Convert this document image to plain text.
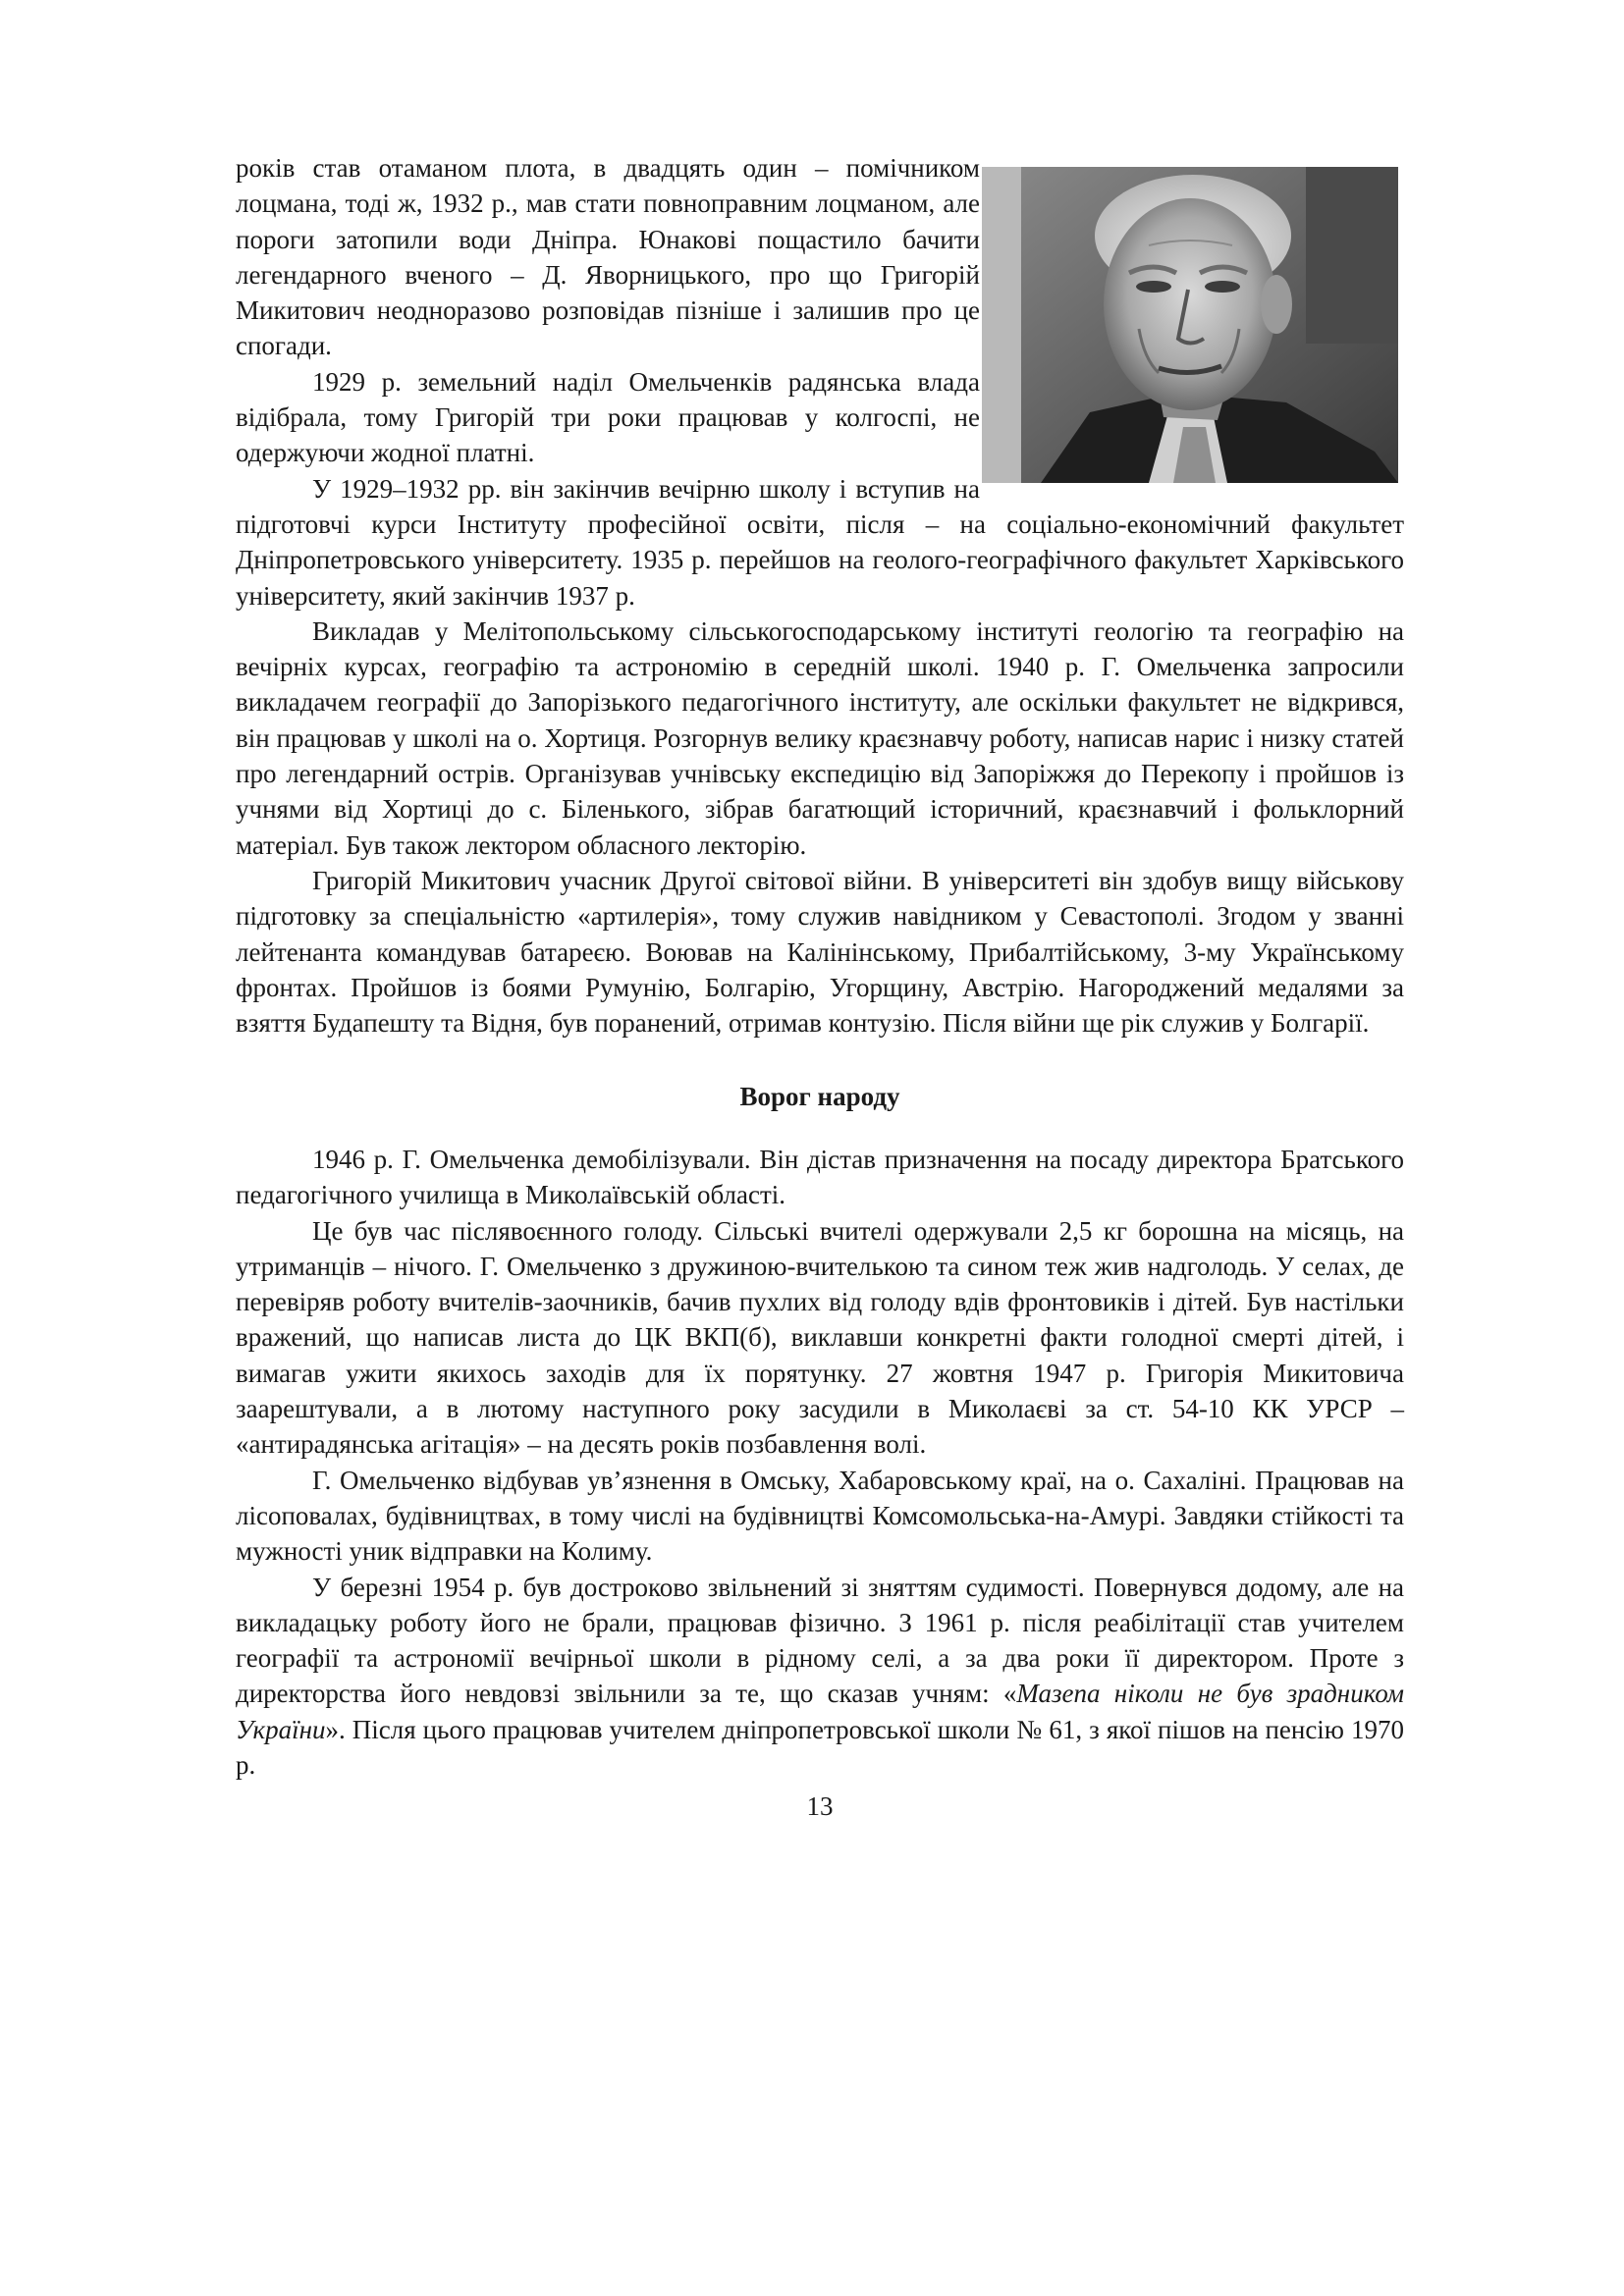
років став отаманом плота, в двадцять один – помічником лоцмана, тоді ж, 1932 р., мав стати повноправним лоцманом, але пороги затопили води Дніпра. Юнакові пощастило бачити легендарного вченого – Д. Яворницького, про що Григорій Микитович неодноразово розповідав пізніше і залишив про це спогади.

1929 р. земельний наділ Омельченків радянська влада відібрала, тому Григорій три роки працював у колгоспі, не одержуючи жодної платні.

У 1929–1932 рр. він закінчив вечірню школу і вступив на підготовчі курси Інституту професійної освіти, після – на соціально-економічний факультет Дніпропетровського університету. 1935 р. перейшов на геолого-географічного факультет Харківського університету, який закінчив 1937 р.

Викладав у Мелітопольському сільськогосподарському інституті геологію та географію на вечірніх курсах, географію та астрономію в середній школі. 1940 р. Г. Омельченка запросили викладачем географії до Запорізького педагогічного інституту, але оскільки факультет не відкрився, він працював у школі на о. Хортиця. Розгорнув велику краєзнавчу роботу, написав нарис і низку статей про легендарний острів. Організував учнівську експедицію від Запоріжжя до Перекопу і пройшов із учнями від Хортиці до с. Біленького, зібрав багатющий історичний, краєзнавчий і фольклорний матеріал. Був також лектором обласного лекторію.

Григорій Микитович учасник Другої світової війни. В університеті він здобув вищу військову підготовку за спеціальністю «артилерія», тому служив навідником у Севастополі. Згодом у званні лейтенанта командував батареєю. Воював на Калінінському, Прибалтійському, 3-му Українському фронтах. Пройшов із боями Румунію, Болгарію, Угорщину, Австрію. Нагороджений медалями за взяття Будапешту та Відня, був поранений, отримав контузію. Після війни ще рік служив у Болгарії.

Ворог народу

1946 р. Г. Омельченка демобілізували. Він дістав призначення на посаду директора Братського педагогічного училища в Миколаївській області.

Це був час післявоєнного голоду. Сільські вчителі одержували 2,5 кг борошна на місяць, на утриманців – нічого. Г. Омельченко з дружиною-вчителькою та сином теж жив надголодь. У селах, де перевіряв роботу вчителів-заочників, бачив пухлих від голоду вдів фронтовиків і дітей. Був настільки вражений, що написав листа до ЦК ВКП(б), виклавши конкретні факти голодної смерті дітей, і вимагав ужити якихось заходів для їх порятунку. 27 жовтня 1947 р. Григорія Микитовича заарештували, а в лютому наступного року засудили в Миколаєві за ст. 54-10 КК УРСР – «антирадянська агітація» – на десять років позбавлення волі.

Г. Омельченко відбував ув’язнення в Омську, Хабаровському краї, на о. Сахаліні. Працював на лісоповалах, будівництвах, в тому числі на будівництві Комсомольська-на-Амурі. Завдяки стійкості та мужності уник відправки на Колиму.

У березні 1954 р. був достроково звільнений зі зняттям судимості. Повернувся додому, але на викладацьку роботу його не брали, працював фізично. З 1961 р. після реабілітації став учителем географії та астрономії вечірньої школи в рідному селі, а за два роки її директором. Проте з директорства його невдовзі звільнили за те, що сказав учням: «Мазепа ніколи не був зрадником України». Після цього працював учителем дніпропетровської школи № 61, з якої пішов на пенсію 1970 р.

13
